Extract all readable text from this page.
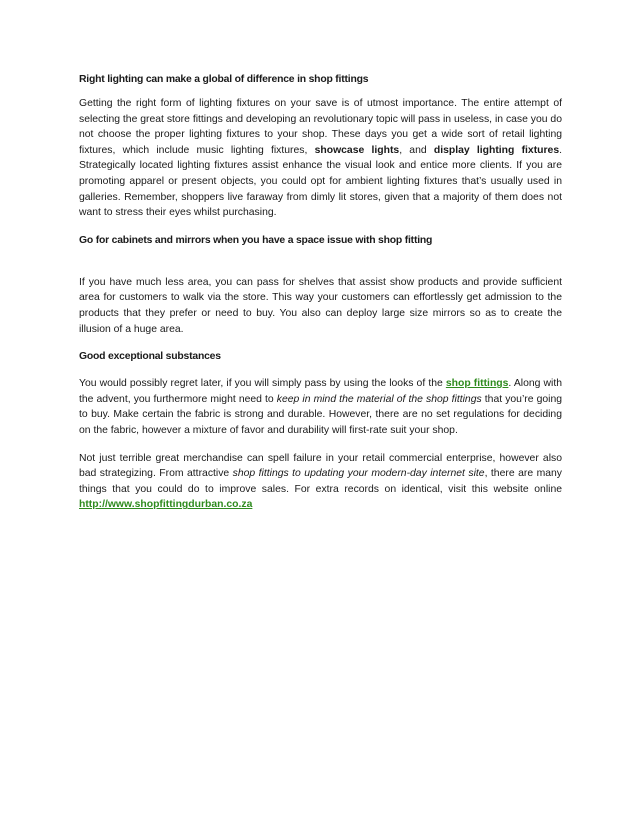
Right lighting can make a global of difference in shop fittings

Getting the right form of lighting fixtures on your save is of utmost importance. The entire attempt of selecting the great store fittings and developing an revolutionary topic will pass in useless, in case you do not choose the proper lighting fixtures to your shop. These days you get a wide sort of retail lighting fixtures, which include music lighting fixtures, showcase lights, and display lighting fixtures. Strategically located lighting fixtures assist enhance the visual look and entice more clients. If you are promoting apparel or present objects, you could opt for ambient lighting fixtures that’s usually used in galleries. Remember, shoppers live faraway from dimly lit stores, given that a majority of them does not want to stress their eyes whilst purchasing.

Go for cabinets and mirrors when you have a space issue with shop fitting

If you have much less area, you can pass for shelves that assist show products and provide sufficient area for customers to walk via the store. This way your customers can effortlessly get admission to the products that they prefer or need to buy. You also can deploy large size mirrors so as to create the illusion of a huge area.

Good exceptional substances

You would possibly regret later, if you will simply pass by using the looks of the shop fittings. Along with the advent, you furthermore might need to keep in mind the material of the shop fittings that you’re going to buy. Make certain the fabric is strong and durable. However, there are no set regulations for deciding on the fabric, however a mixture of favor and durability will first-rate suit your shop.

Not just terrible great merchandise can spell failure in your retail commercial enterprise, however also bad strategizing. From attractive shop fittings to updating your modern-day internet site, there are many things that you could do to improve sales. For extra records on identical, visit this website online http://www.shopfittingdurban.co.za
